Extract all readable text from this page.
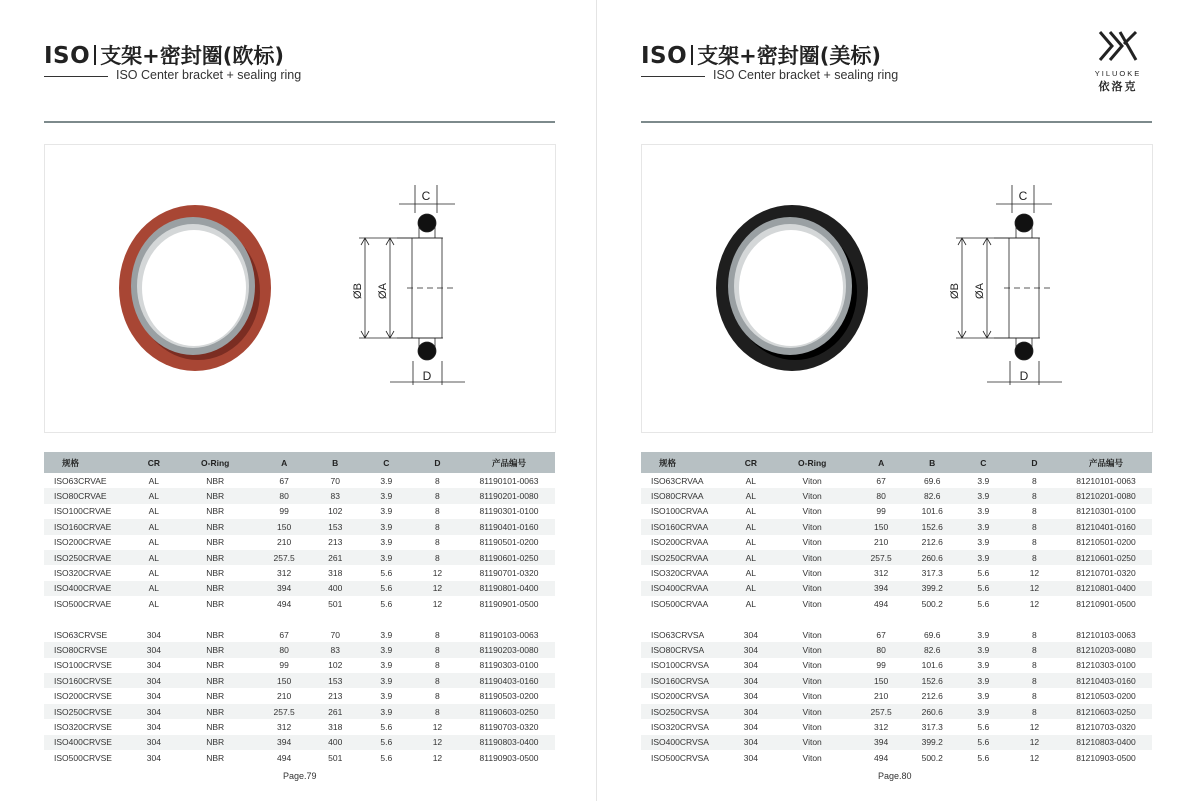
ISO 支架+密封圈(欧标)
ISO Center bracket + sealing ring
C
D
ØB ØA
规格	CR	O-Ring	A	B	C	D	产品编号
ISO63CRVAE	AL	NBR	67	70	3.9	8	81190101-0063
ISO80CRVAE	AL	NBR	80	83	3.9	8	81190201-0080
ISO100CRVAE	AL	NBR	99	102	3.9	8	81190301-0100
ISO160CRVAE	AL	NBR	150	153	3.9	8	81190401-0160
ISO200CRVAE	AL	NBR	210	213	3.9	8	81190501-0200
ISO250CRVAE	AL	NBR	257.5	261	3.9	8	81190601-0250
ISO320CRVAE	AL	NBR	312	318	5.6	12	81190701-0320
ISO400CRVAE	AL	NBR	394	400	5.6	12	81190801-0400
ISO500CRVAE	AL	NBR	494	501	5.6	12	81190901-0500

ISO63CRVSE	304	NBR	67	70	3.9	8	81190103-0063
ISO80CRVSE	304	NBR	80	83	3.9	8	81190203-0080
ISO100CRVSE	304	NBR	99	102	3.9	8	81190303-0100
ISO160CRVSE	304	NBR	150	153	3.9	8	81190403-0160
ISO200CRVSE	304	NBR	210	213	3.9	8	81190503-0200
ISO250CRVSE	304	NBR	257.5	261	3.9	8	81190603-0250
ISO320CRVSE	304	NBR	312	318	5.6	12	81190703-0320
ISO400CRVSE	304	NBR	394	400	5.6	12	81190803-0400
ISO500CRVSE	304	NBR	494	501	5.6	12	81190903-0500
Page.79
ISO 支架+密封圈(美标)
ISO Center bracket + sealing ring
C
D
ØB ØA
规格	CR	O-Ring	A	B	C	D	产品编号
ISO63CRVAA	AL	Viton	67	69.6	3.9	8	81210101-0063
ISO80CRVAA	AL	Viton	80	82.6	3.9	8	81210201-0080
ISO100CRVAA	AL	Viton	99	101.6	3.9	8	81210301-0100
ISO160CRVAA	AL	Viton	150	152.6	3.9	8	81210401-0160
ISO200CRVAA	AL	Viton	210	212.6	3.9	8	81210501-0200
ISO250CRVAA	AL	Viton	257.5	260.6	3.9	8	81210601-0250
ISO320CRVAA	AL	Viton	312	317.3	5.6	12	81210701-0320
ISO400CRVAA	AL	Viton	394	399.2	5.6	12	81210801-0400
ISO500CRVAA	AL	Viton	494	500.2	5.6	12	81210901-0500

ISO63CRVSA	304	Viton	67	69.6	3.9	8	81210103-0063
ISO80CRVSA	304	Viton	80	82.6	3.9	8	81210203-0080
ISO100CRVSA	304	Viton	99	101.6	3.9	8	81210303-0100
ISO160CRVSA	304	Viton	150	152.6	3.9	8	81210403-0160
ISO200CRVSA	304	Viton	210	212.6	3.9	8	81210503-0200
ISO250CRVSA	304	Viton	257.5	260.6	3.9	8	81210603-0250
ISO320CRVSA	304	Viton	312	317.3	5.6	12	81210703-0320
ISO400CRVSA	304	Viton	394	399.2	5.6	12	81210803-0400
ISO500CRVSA	304	Viton	494	500.2	5.6	12	81210903-0500
Page.80
YILUOKE
依洛克
